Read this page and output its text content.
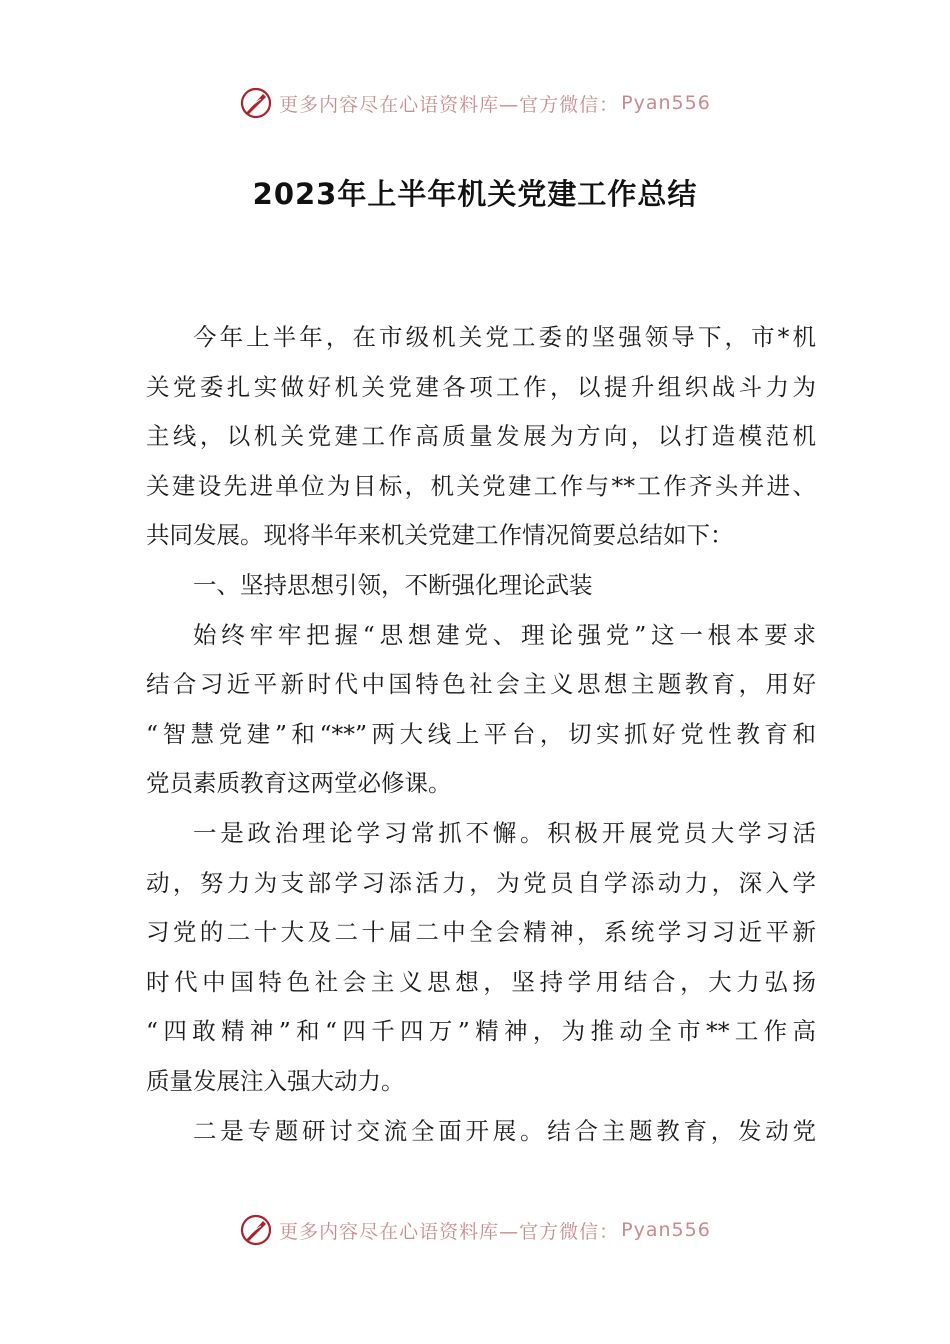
更多内容尽在心语资料库—官方微信： Pyan556
2023年上半年机关党建工作总结
今年上半年，在市级机关党工委的坚强领导下，市*机
关党委扎实做好机关党建各项工作，以提升组织战斗力为
主线，以机关党建工作高质量发展为方向，以打造模范机
关建设先进单位为目标，机关党建工作与**工作齐头并进、
共同发展。现将半年来机关党建工作情况简要总结如下：
一、坚持思想引领，不断强化理论武装
始终牢牢把握“思想建党、理论强党”这一根本要求
结合习近平新时代中国特色社会主义思想主题教育，用好
“智慧党建”和“**”两大线上平台，切实抓好党性教育和
党员素质教育这两堂必修课。
一是政治理论学习常抓不懈。积极开展党员大学习活
动，努力为支部学习添活力，为党员自学添动力，深入学
习党的二十大及二十届二中全会精神，系统学习习近平新
时代中国特色社会主义思想，坚持学用结合，大力弘扬
“四敢精神”和“四千四万”精神，为推动全市**工作高
质量发展注入强大动力。
二是专题研讨交流全面开展。结合主题教育，发动党
更多内容尽在心语资料库—官方微信： Pyan556
